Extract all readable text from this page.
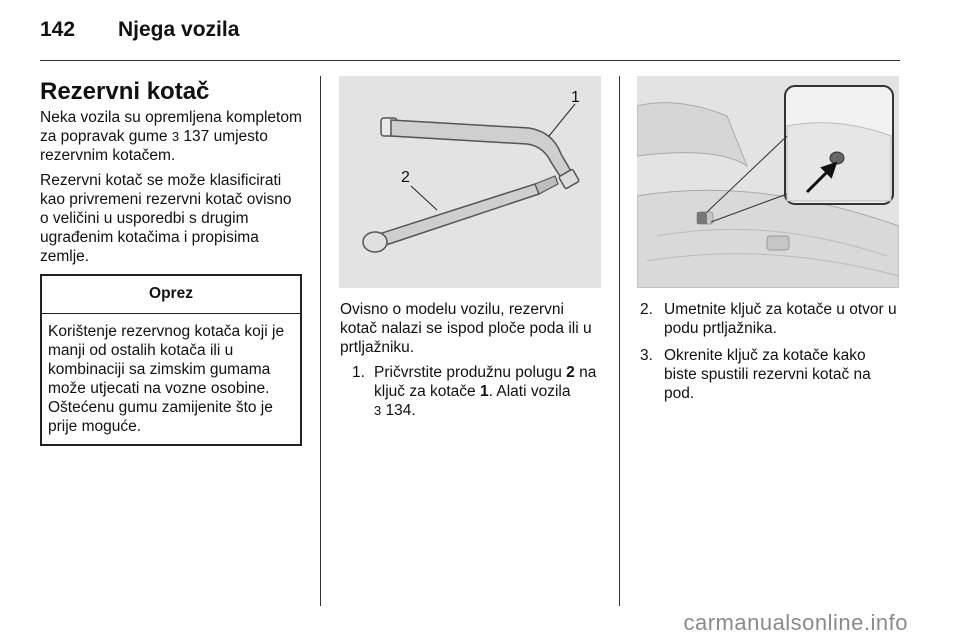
142 Njega vozila
Rezervni kotač

Neka vozila su opremljena kompletom za popravak gume 3 137 umjesto rezervnim kotačem.

Rezervni kotač se može klasificirati kao privremeni rezervni kotač ovisno o veličini u usporedbi s drugim ugrađenim kotačima i propisima zemlje.

Oprez
Korištenje rezervnog kotača koji je manji od ostalih kotača ili u kombinaciji sa zimskim gumama može utjecati na vozne osobine. Oštećenu gumu zamijenite što je prije moguće.
1
2

Ovisno o modelu vozilu, rezervni kotač nalazi se ispod ploče poda ili u prtljažniku.

1. Pričvrstite produžnu polugu 2 na ključ za kotače 1. Alati vozila
3 134.
2. Umetnite ključ za kotače u otvor u podu prtljažnika.
3. Okrenite ključ za kotače kako biste spustili rezervni kotač na pod.
carmanualsonline.info
